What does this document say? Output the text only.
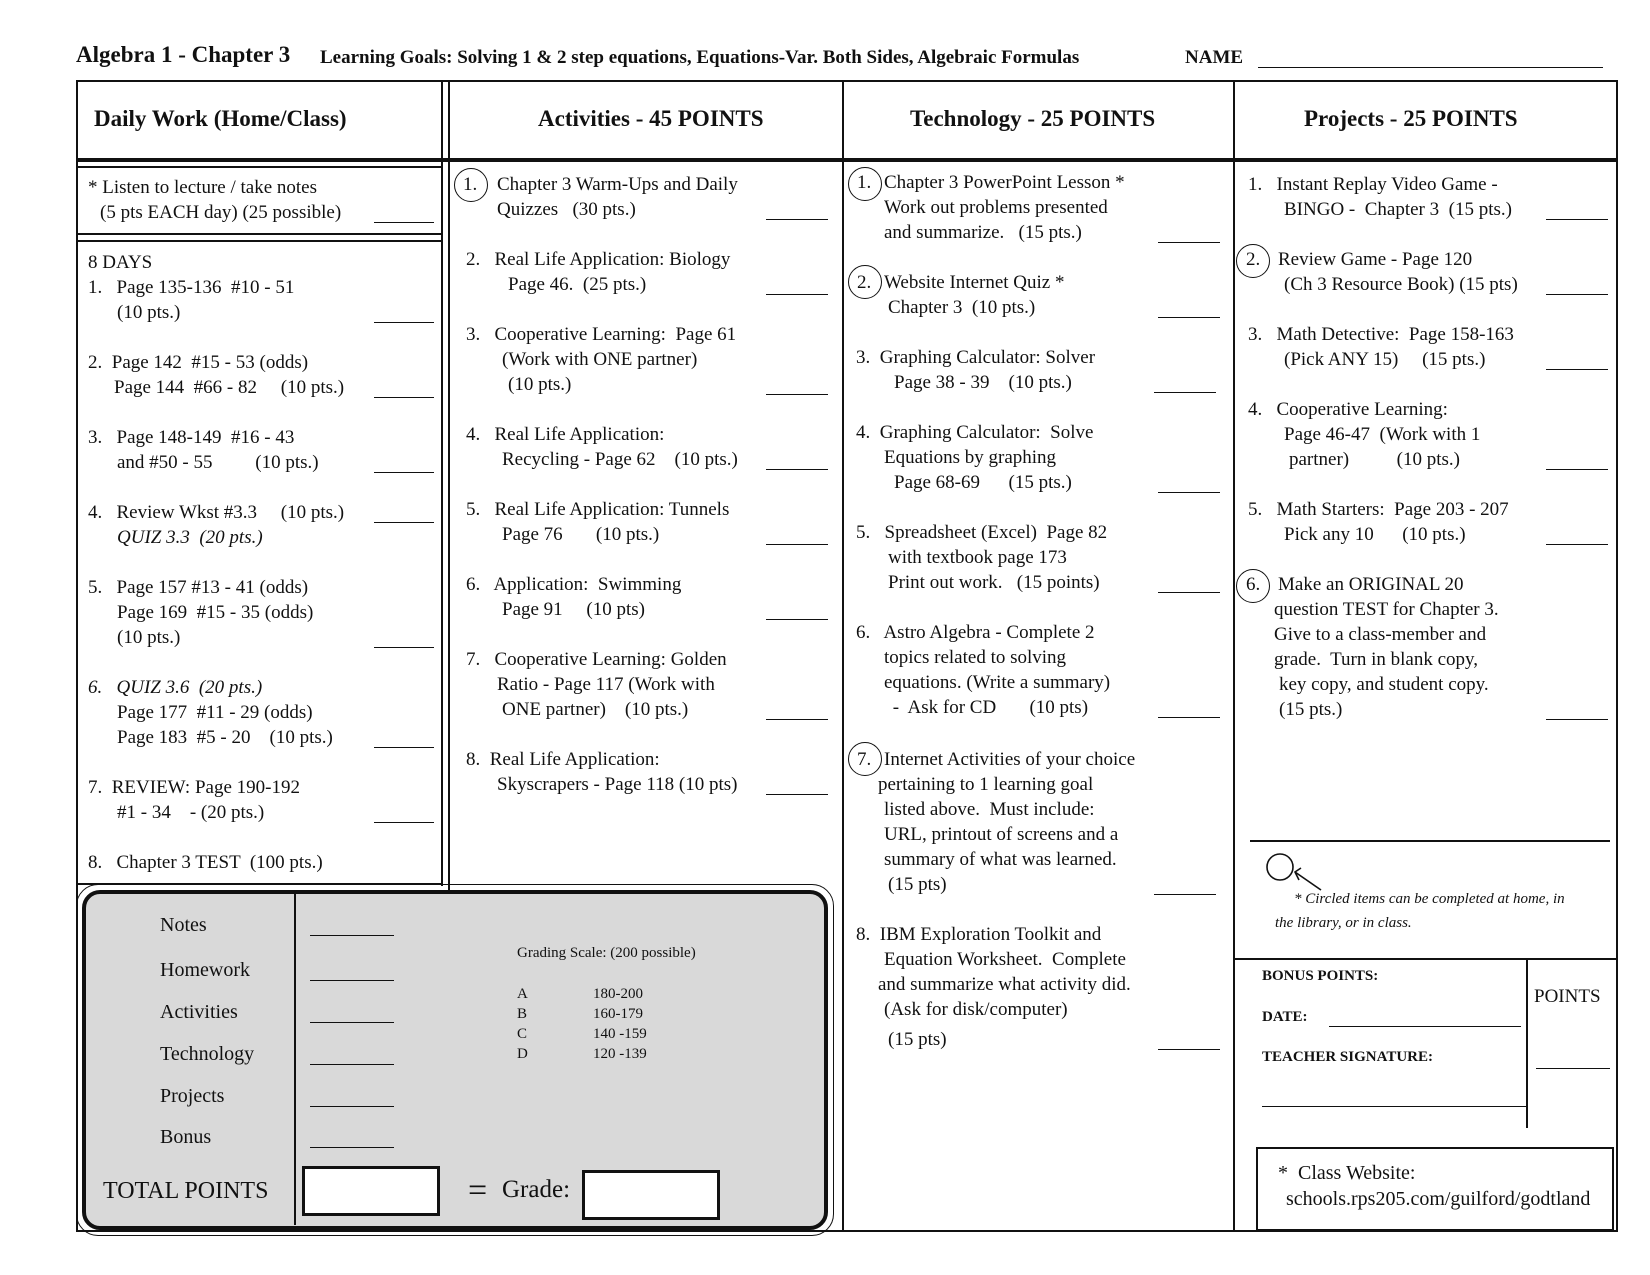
Algebra 1 - Chapter 3 Learning Goals: Solving 1 & 2 step equations, Equations-Var. Both Sides, Algebraic Formulas	NAME
Daily Work (Home/Class)	Activities - 45 POINTS	Technology - 25 POINTS	Projects - 25 POINTS
* Listen to lecture / take notes
(5 pts EACH day) (25 possible)
8 DAYS
1.   Page 135-136  #10 - 51
(10 pts.)
2.  Page 142  #15 - 53 (odds)
Page 144  #66 - 82     (10 pts.)
3.   Page 148-149  #16 - 43
and #50 - 55         (10 pts.)
4.   Review Wkst #3.3     (10 pts.)
QUIZ 3.3  (20 pts.)
5.   Page 157 #13 - 41 (odds)
Page 169  #15 - 35 (odds)
(10 pts.)
6.   QUIZ 3.6  (20 pts.)
Page 177  #11 - 29 (odds)
Page 183  #5 - 20    (10 pts.)
7.  REVIEW: Page 190-192
#1 - 34    - (20 pts.)
8.   Chapter 3 TEST  (100 pts.)
1. Chapter 3 Warm-Ups and Daily
Quizzes   (30 pts.)
2.   Real Life Application: Biology
Page 46.  (25 pts.)
3.   Cooperative Learning:  Page 61
(Work with ONE partner)
(10 pts.)
4.   Real Life Application:
Recycling - Page 62    (10 pts.)
5.   Real Life Application: Tunnels
Page 76       (10 pts.)
6.   Application:  Swimming
Page 91     (10 pts)
7.   Cooperative Learning: Golden
Ratio - Page 117 (Work with
ONE partner)    (10 pts.)
8.  Real Life Application:
Skyscrapers - Page 118 (10 pts)
1. Chapter 3 PowerPoint Lesson *
Work out problems presented
and summarize.   (15 pts.)
2. Website Internet Quiz *
Chapter 3  (10 pts.)
3.  Graphing Calculator: Solver
Page 38 - 39    (10 pts.)
4.  Graphing Calculator:  Solve
Equations by graphing
Page 68-69      (15 pts.)
5.   Spreadsheet (Excel)  Page 82
with textbook page 173
Print out work.   (15 points)
6.   Astro Algebra - Complete 2
topics related to solving
equations. (Write a summary)
-  Ask for CD       (10 pts)
7. Internet Activities of your choice
pertaining to 1 learning goal
listed above.  Must include:
URL, printout of screens and a
summary of what was learned.
(15 pts)
8.  IBM Exploration Toolkit and
Equation Worksheet.  Complete
and summarize what activity did.
(Ask for disk/computer)
(15 pts)
1.   Instant Replay Video Game -
BINGO -  Chapter 3  (15 pts.)
2. Review Game - Page 120
(Ch 3 Resource Book) (15 pts)
3.   Math Detective:  Page 158-163
(Pick ANY 15)     (15 pts.)
4.   Cooperative Learning:
Page 46-47  (Work with 1
partner)          (10 pts.)
5.   Math Starters:  Page 203 - 207
Pick any 10      (10 pts.)
6. Make an ORIGINAL 20
question TEST for Chapter 3.
Give to a class-member and
grade.  Turn in blank copy,
key copy, and student copy.
(15 pts.)
* Circled items can be completed at home, in
the library, or in class.
BONUS POINTS:
POINTS
DATE:
TEACHER SIGNATURE:
*  Class Website:
schools.rps205.com/guilford/godtland
Notes
Homework
Activities
Technology
Projects
Bonus
TOTAL POINTS	= Grade:
Grading Scale: (200 possible)
A	180-200
B	160-179
C	140 -159
D	120 -139
